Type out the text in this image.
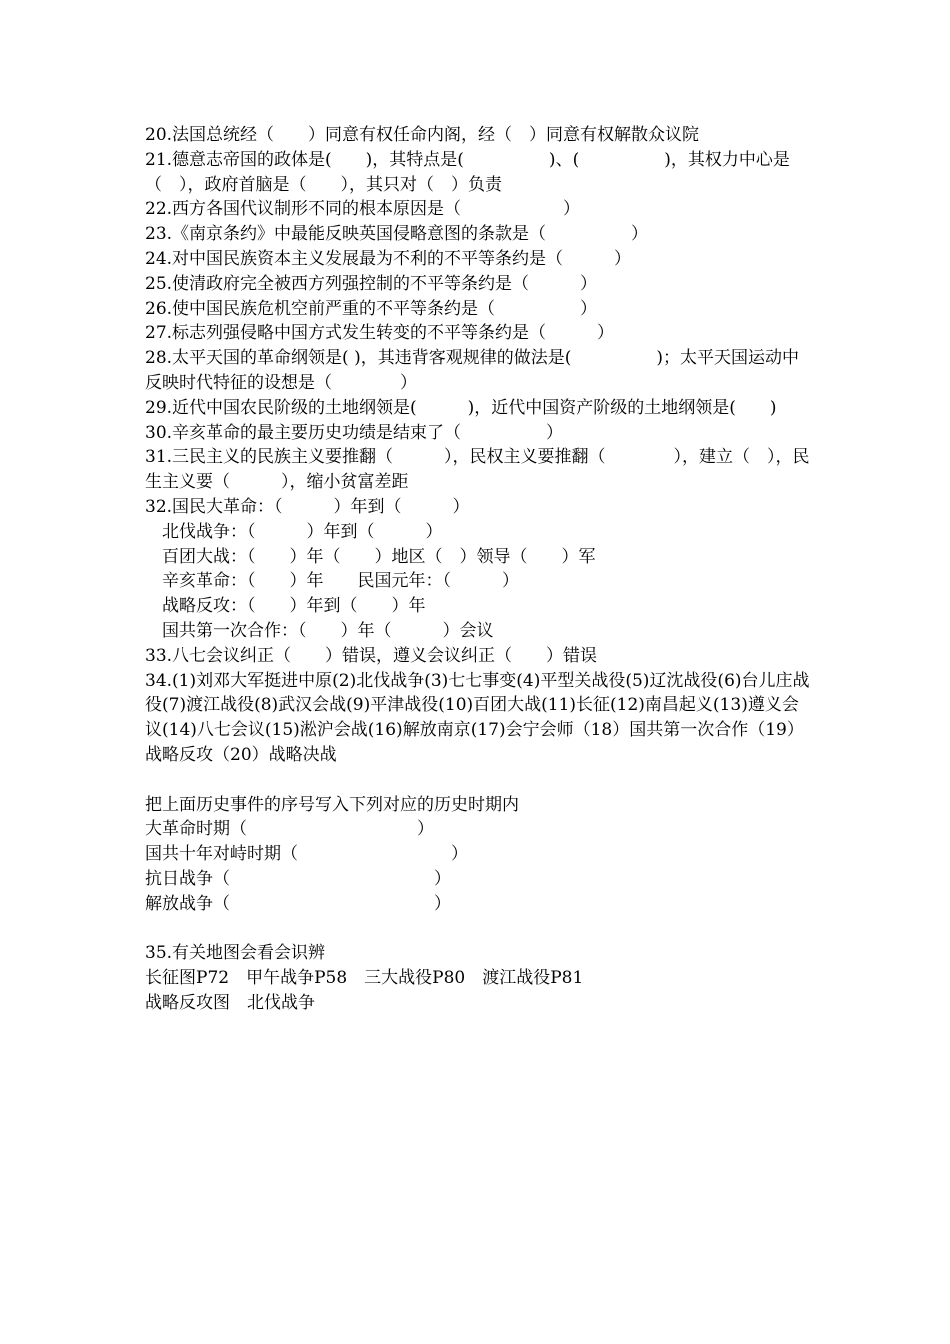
20.法国总统经（　　）同意有权任命内阁，经（　）同意有权解散众议院

21.德意志帝国的政体是(　　)，其特点是(　　　　　)、(　　　　　)，其权力中心是（　），政府首脑是（　　），其只对（　）负责

22.西方各国代议制形不同的根本原因是（　　　　　　）

23.《南京条约》中最能反映英国侵略意图的条款是（　　　　　）

24.对中国民族资本主义发展最为不利的不平等条约是（　　　）

25.使清政府完全被西方列强控制的不平等条约是（　　　）

26.使中国民族危机空前严重的不平等条约是（　　　　　）

27.标志列强侵略中国方式发生转变的不平等条约是（　　　）

28.太平天国的革命纲领是( )，其违背客观规律的做法是(　　　　　)；太平天国运动中反映时代特征的设想是（　　　　）

29.近代中国农民阶级的土地纲领是(　　　)，近代中国资产阶级的土地纲领是(　　)

30.辛亥革命的最主要历史功绩是结束了（　　　　　）

31.三民主义的民族主义要推翻（　　　），民权主义要推翻（　　　　），建立（　），民生主义要（　　　），缩小贫富差距

32.国民大革命：（　　　）年到（　　　）

　北伐战争：（　　　）年到（　　　）

　百团大战：（　　）年（　　）地区（　）领导（　　）军

　辛亥革命：（　　）年　　民国元年：（　　　）

　战略反攻：（　　）年到（　　）年

　国共第一次合作：（　　）年（　　　）会议

33.八七会议纠正（　　）错误，遵义会议纠正（　　）错误

34.(1)刘邓大军挺进中原(2)北伐战争(3)七七事变(4)平型关战役(5)辽沈战役(6)台儿庄战役(7)渡江战役(8)武汉会战(9)平津战役(10)百团大战(11)长征(12)南昌起义(13)遵义会议(14)八七会议(15)淞沪会战(16)解放南京(17)会宁会师（18）国共第一次合作（19）战略反攻（20）战略决战

把上面历史事件的序号写入下列对应的历史时期内

大革命时期（　　　　　　　　　　）

国共十年对峙时期（　　　　　　　　　）

抗日战争（　　　　　　　　　　　　）

解放战争（　　　　　　　　　　　　）

35.有关地图会看会识辨

长征图P72　甲午战争P58　三大战役P80　渡江战役P81

战略反攻图　北伐战争
